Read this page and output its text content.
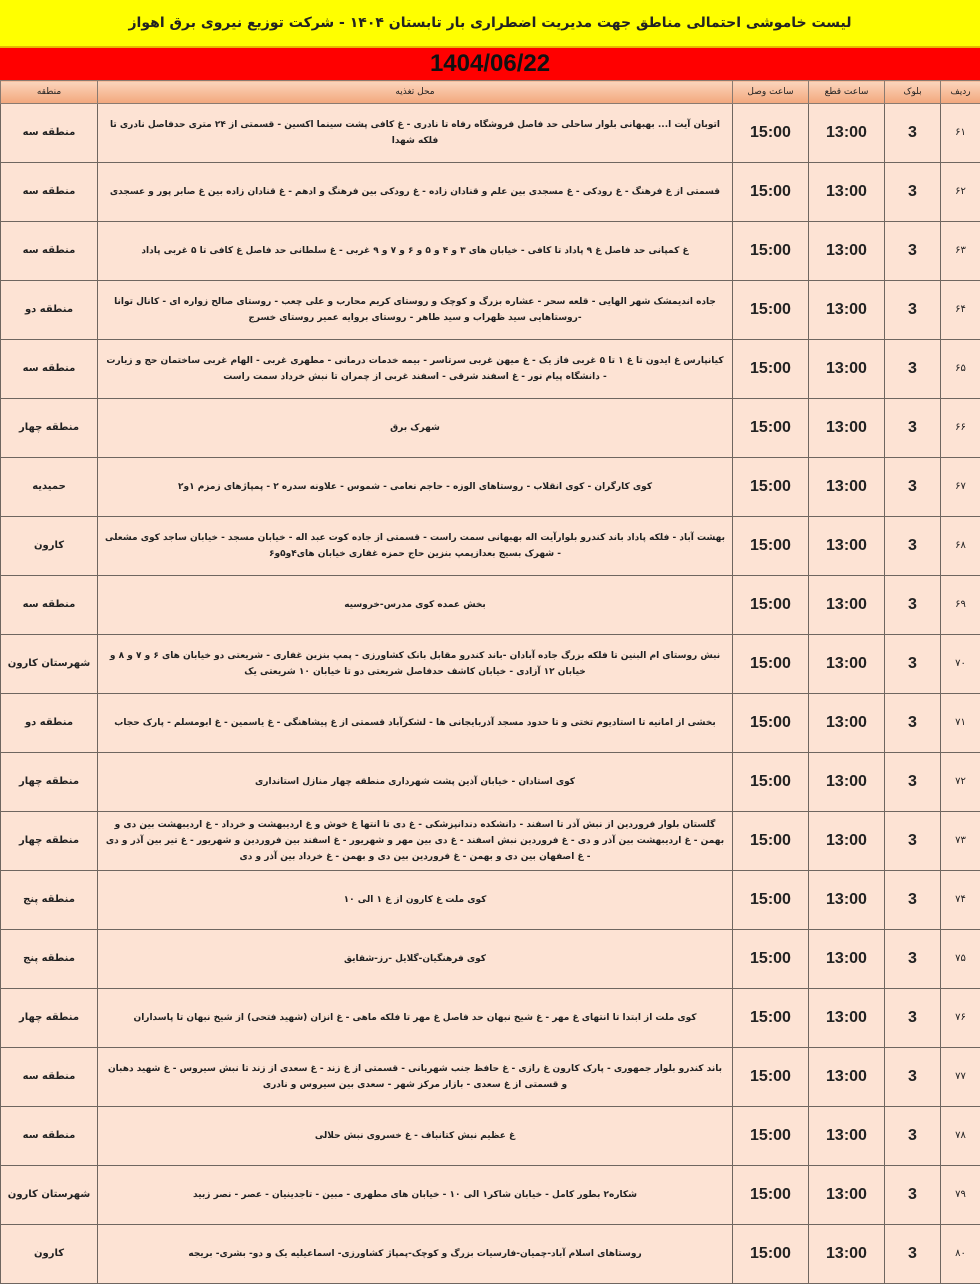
لیست خاموشی احتمالی مناطق جهت مدیریت اضطراری بار تابستان ۱۴۰۴ - شرکت توزیع نیروی برق اهواز
1404/06/22
ردیف	بلوک	ساعت قطع	ساعت وصل	محل تغذیه	منطقه
۶۱	3	13:00	15:00	اتوبان آیت ا... بهبهانی بلوار ساحلی حد فاصل فروشگاه رفاه تا نادری - غ کافی پشت سینما اکسین - قسمتی از ۲۴ متری حدفاصل نادری تا فلکه شهدا	منطقه سه
۶۲	3	13:00	15:00	قسمتی از غ فرهنگ - غ رودکی - غ مسجدی بین علم و قنادان زاده - غ رودکی بین فرهنگ و ادهم - غ قنادان زاده بین غ صابر پور و عسجدی	منطقه سه
۶۳	3	13:00	15:00	غ کمپانی حد فاصل غ ۹ پاداد تا کافی - خیابان های ۳ و ۴ و ۵ و ۶ و ۷ و ۹ غربی - غ سلطانی حد فاصل غ کافی تا ۵ غربی پاداد	منطقه سه
۶۴	3	13:00	15:00	جاده اندیمشک شهر الهایی - قلعه سحر - عشاره بزرگ و کوچک و روستای کریم محارب و علی چعب - روستای صالح زواره ای - کانال توانا -روستاهایی سید ظهراب و سید طاهر - روستای بروایه عمیر روستای خسرج	منطقه دو
۶۵	3	13:00	15:00	کیانپارس غ ایدون تا غ ۱ تا ۵ غربی فاز یک - غ میهن غربی سرتاسر - بیمه خدمات درمانی - مطهری غربی - الهام غربی ساختمان حج و زیارت - دانشگاه پیام نور - غ اسفند شرقی - اسفند غربی از چمران تا نبش خرداد سمت راست	منطقه سه
۶۶	3	13:00	15:00	شهرک برق	منطقه چهار
۶۷	3	13:00	15:00	کوی کارگران - کوی انقلاب - روستاهای الوزه - حاجم نعامی - شموس - علاونه سدره ۲ - پمپاژهای زمزم ۱و۲	حمیدیه
۶۸	3	13:00	15:00	بهشت آباد - فلکه پاداد باند کندرو بلوارآیت اله بهبهانی سمت راست - قسمتی از جاده کوت عبد اله - خیابان مسجد - خیابان ساجد کوی مشعلی - شهرک بسیج بعدازپمپ بنزین حاج حمزه غفاری خیابان های۴و۵و۶	کارون
۶۹	3	13:00	15:00	بخش عمده کوی مدرس-خروسیه	منطقه سه
۷۰	3	13:00	15:00	نبش روستای ام البنین تا فلکه بزرگ جاده آبادان -باند کندرو مقابل بانک کشاورزی - پمپ بنزین غفاری - شریعتی دو خیابان های ۶ و ۷ و ۸ و خیابان ۱۲ آزادی - خیابان کاشف حدفاصل شریعتی دو تا خیابان ۱۰ شریعتی یک	شهرستان کارون
۷۱	3	13:00	15:00	بخشی از امانیه تا استادیوم تختی و تا حدود مسجد آذربایجانی ها - لشکرآباد قسمتی از غ پیشاهنگی - غ یاسمین - غ ابومسلم - پارک حجاب	منطقه دو
۷۲	3	13:00	15:00	کوی استادان - خیابان آذین پشت شهرداری منطقه چهار منازل استانداری	منطقه چهار
۷۳	3	13:00	15:00	گلستان بلوار فروردین از نبش آذر تا اسفند - دانشکده دندانپزشکی - غ دی تا انتها غ خوش و غ اردیبهشت و خرداد - غ اردیبهشت بین دی و بهمن - غ اردیبهشت بین آذر و دی - غ فروردین نبش اسفند - غ دی بین مهر و شهریور - غ اسفند بین فروردین و شهریور - غ تیر بین آذر و دی - غ اصفهان بین دی و بهمن - غ فروردین بین دی و بهمن - غ خرداد بین آذر و دی	منطقه چهار
۷۴	3	13:00	15:00	کوی ملت غ کارون از غ ۱ الی ۱۰	منطقه پنج
۷۵	3	13:00	15:00	کوی فرهنگیان-گلایل -رز-شقایق	منطقه پنج
۷۶	3	13:00	15:00	کوی ملت از ابتدا تا انتهای غ مهر - غ شیخ نبهان حد فاصل غ مهر تا فلکه ماهی - غ انزان (شهید فتحی) از شیخ نبهان تا پاسداران	منطقه چهار
۷۷	3	13:00	15:00	باند کندرو بلوار جمهوری - پارک کارون غ رازی - غ حافظ جنب شهربانی - قسمتی از غ زند - غ سعدی از زند تا نبش سیروس - غ شهید دهبان و قسمتی از غ سعدی - بازار مرکز شهر - سعدی بین سیروس و نادری	منطقه سه
۷۸	3	13:00	15:00	غ عظیم نبش کتانباف - غ خسروی نبش حلالی	منطقه سه
۷۹	3	13:00	15:00	شکاره۲ بطور کامل - خیابان شاکر۱ الی ۱۰ - خیابان های مطهری - مبین - تاجدینیان - عصر - نصر زبید	شهرستان کارون
۸۰	3	13:00	15:00	روستاهای اسلام آباد-چمیان-فارسیات بزرگ و کوچک-پمپاژ کشاورزی- اسماعیلیه یک و دو- بشری- بریجه	کارون
